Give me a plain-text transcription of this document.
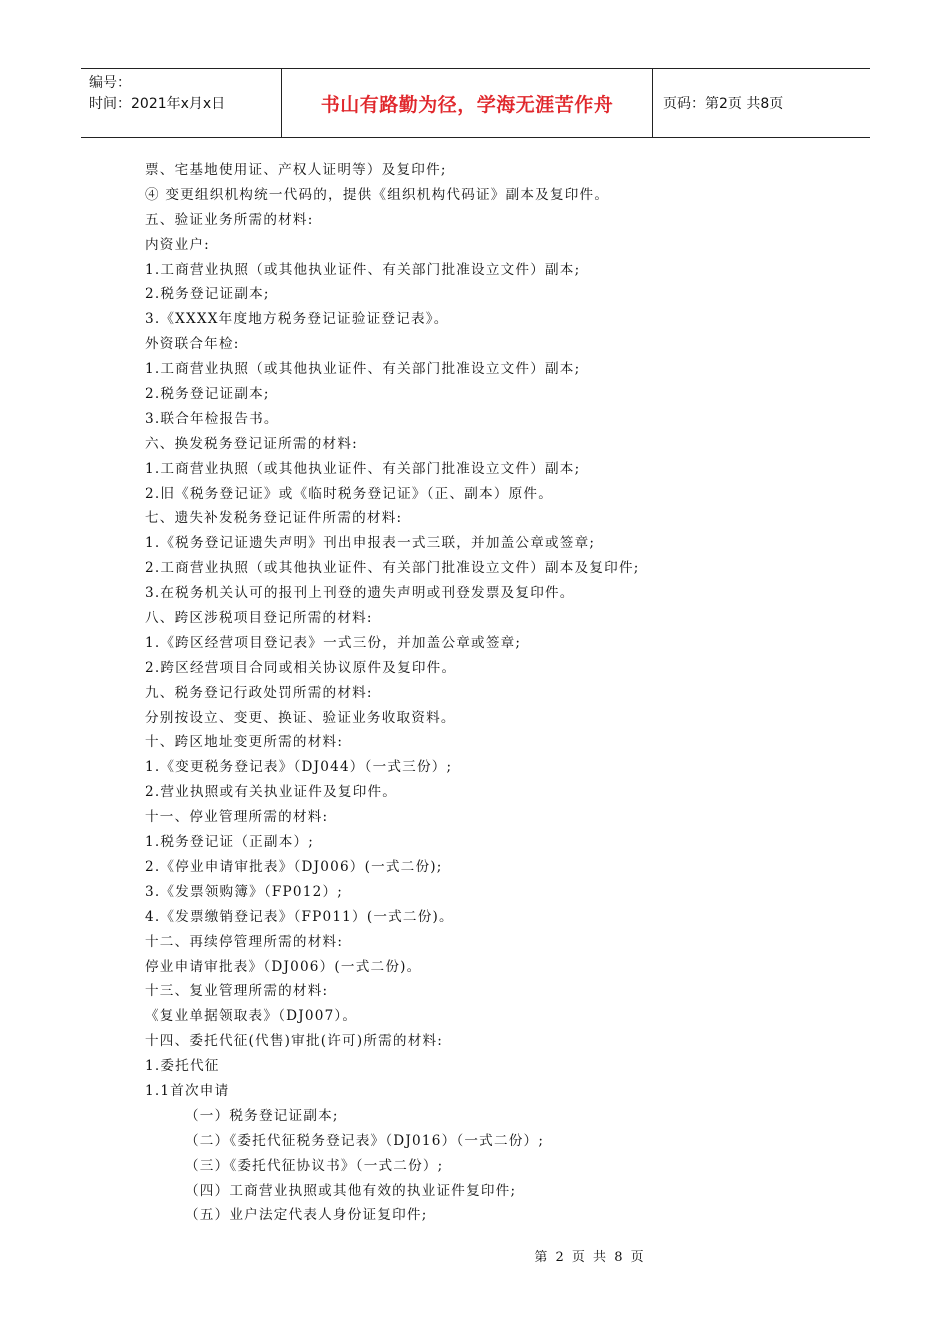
编号：
时间：2021年x月x日	书山有路勤为径，学海无涯苦作舟	页码：第2页 共8页
票、宅基地使用证、产权人证明等）及复印件;
④ 变更组织机构统一代码的，提供《组织机构代码证》副本及复印件。
五、验证业务所需的材料:
内资业户:
1.工商营业执照（或其他执业证件、有关部门批准设立文件）副本;
2.税务登记证副本;
3.《XXXX年度地方税务登记证验证登记表》。
外资联合年检:
1.工商营业执照（或其他执业证件、有关部门批准设立文件）副本;
2.税务登记证副本;
3.联合年检报告书。
六、换发税务登记证所需的材料:
1.工商营业执照（或其他执业证件、有关部门批准设立文件）副本;
2.旧《税务登记证》或《临时税务登记证》（正、副本）原件。
七、遗失补发税务登记证件所需的材料:
1.《税务登记证遗失声明》刊出申报表一式三联，并加盖公章或签章;
2.工商营业执照（或其他执业证件、有关部门批准设立文件）副本及复印件;
3.在税务机关认可的报刊上刊登的遗失声明或刊登发票及复印件。
八、跨区涉税项目登记所需的材料:
1.《跨区经营项目登记表》一式三份，并加盖公章或签章;
2.跨区经营项目合同或相关协议原件及复印件。
九、税务登记行政处罚所需的材料:
分别按设立、变更、换证、验证业务收取资料。
十、跨区地址变更所需的材料:
1.《变更税务登记表》（DJ044）（一式三份）;
2.营业执照或有关执业证件及复印件。
十一、停业管理所需的材料:
1.税务登记证（正副本）;
2.《停业申请审批表》（DJ006）(一式二份);
3.《发票领购簿》（FP012）;
4.《发票缴销登记表》（FP011）(一式二份)。
十二、再续停管理所需的材料:
停业申请审批表》（DJ006）(一式二份)。
十三、复业管理所需的材料:
《复业单据领取表》（DJ007）。
十四、委托代征(代售)审批(许可)所需的材料:
1.委托代征
1.1首次申请
（一）税务登记证副本;
（二）《委托代征税务登记表》（DJ016）（一式二份）;
（三）《委托代征协议书》（一式二份）;
（四）工商营业执照或其他有效的执业证件复印件;
（五）业户法定代表人身份证复印件;
第 2 页 共 8 页
